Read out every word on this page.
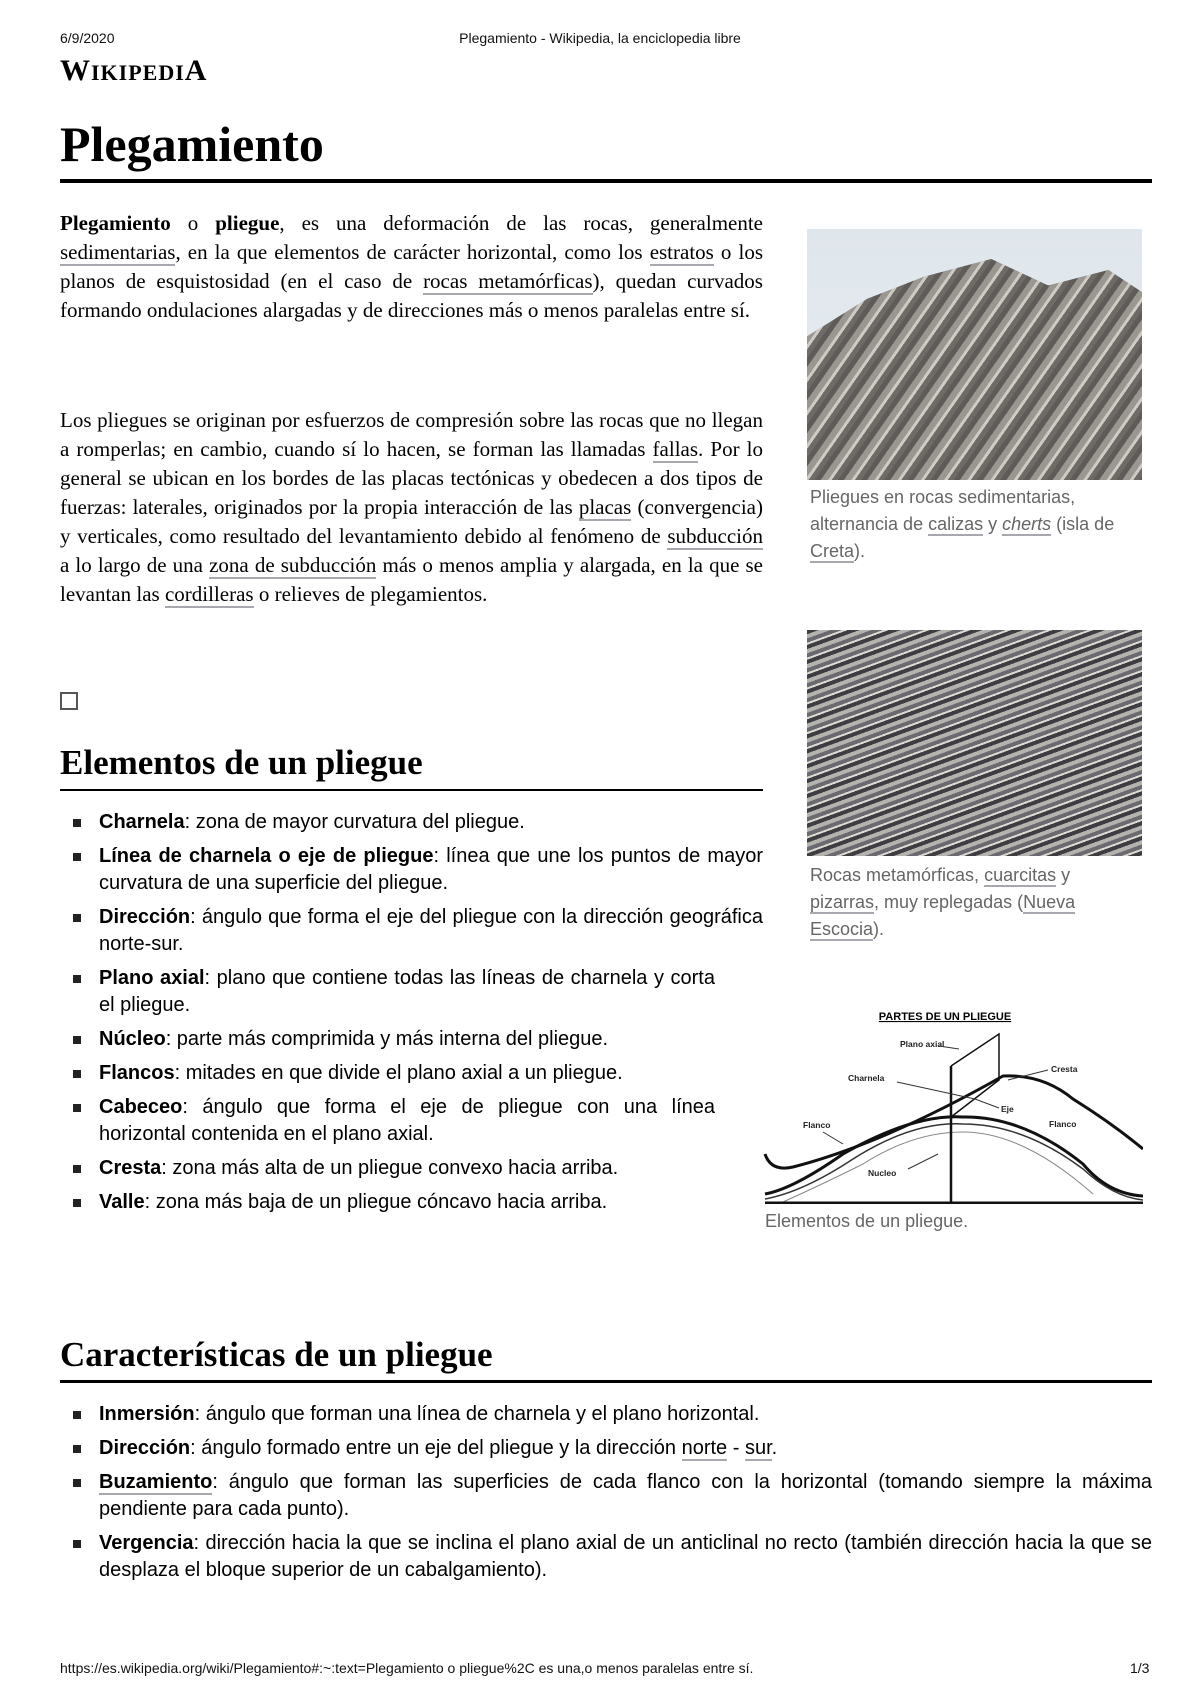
6/9/2020	Plegamiento - Wikipedia, la enciclopedia libre
WIKIPEDIA
Plegamiento

Plegamiento o pliegue, es una deformación de las rocas, generalmente sedimentarias, en la que elementos de carácter horizontal, como los estratos o los planos de esquistosidad (en el caso de rocas metamórficas), quedan curvados formando ondulaciones alargadas y de direcciones más o menos paralelas entre sí.

Los pliegues se originan por esfuerzos de compresión sobre las rocas que no llegan a romperlas; en cambio, cuando sí lo hacen, se forman las llamadas fallas. Por lo general se ubican en los bordes de las placas tectónicas y obedecen a dos tipos de fuerzas: laterales, originados por la propia interacción de las placas (convergencia) y verticales, como resultado del levantamiento debido al fenómeno de subducción a lo largo de una zona de subducción más o menos amplia y alargada, en la que se levantan las cordilleras o relieves de plegamientos.

Pliegues en rocas sedimentarias, alternancia de calizas y cherts (isla de Creta).
Rocas metamórficas, cuarcitas y pizarras, muy replegadas (Nueva Escocia).
PARTES DE UN PLIEGUE
Plano axial
Charnela
Cresta
Eje
Flanco	Flanco
Nucleo
Elementos de un pliegue.
Elementos de un pliegue
Charnela: zona de mayor curvatura del pliegue.
Línea de charnela o eje de pliegue: línea que une los puntos de mayor curvatura de una superficie del pliegue.
Dirección: ángulo que forma el eje del pliegue con la dirección geográfica norte-sur.
Plano axial: plano que contiene todas las líneas de charnela y corta el pliegue.
Núcleo: parte más comprimida y más interna del pliegue.
Flancos: mitades en que divide el plano axial a un pliegue.
Cabeceo: ángulo que forma el eje de pliegue con una línea horizontal contenida en el plano axial.
Cresta: zona más alta de un pliegue convexo hacia arriba.
Valle: zona más baja de un pliegue cóncavo hacia arriba.
Características de un pliegue
Inmersión: ángulo que forman una línea de charnela y el plano horizontal.
Dirección: ángulo formado entre un eje del pliegue y la dirección norte - sur.
Buzamiento: ángulo que forman las superficies de cada flanco con la horizontal (tomando siempre la máxima pendiente para cada punto).
Vergencia: dirección hacia la que se inclina el plano axial de un anticlinal no recto (también dirección hacia la que se desplaza el bloque superior de un cabalgamiento).
https://es.wikipedia.org/wiki/Plegamiento#:~:text=Plegamiento o pliegue%2C es una,o menos paralelas entre sí.	1/3
